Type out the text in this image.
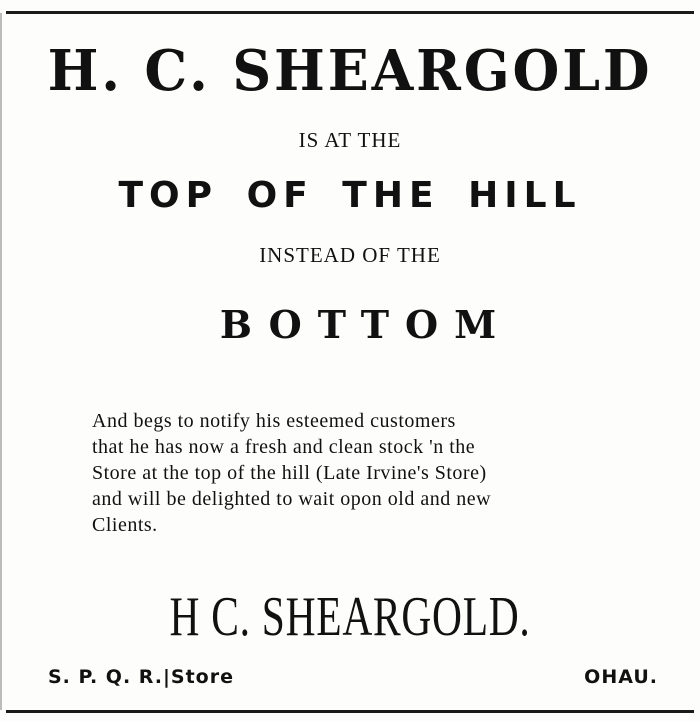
H. C. SHEARGOLD
IS AT THE
TOP OF THE HILL
INSTEAD OF THE
BOTTOM
And begs to notify his esteemed customers
that he has now a fresh and clean stock 'n the
Store at the top of the hill (Late Irvine's Store)
and will be delighted to wait opon old and new
Clients.
H C. SHEARGOLD.
S. P. Q. R.|Store	OHAU.
